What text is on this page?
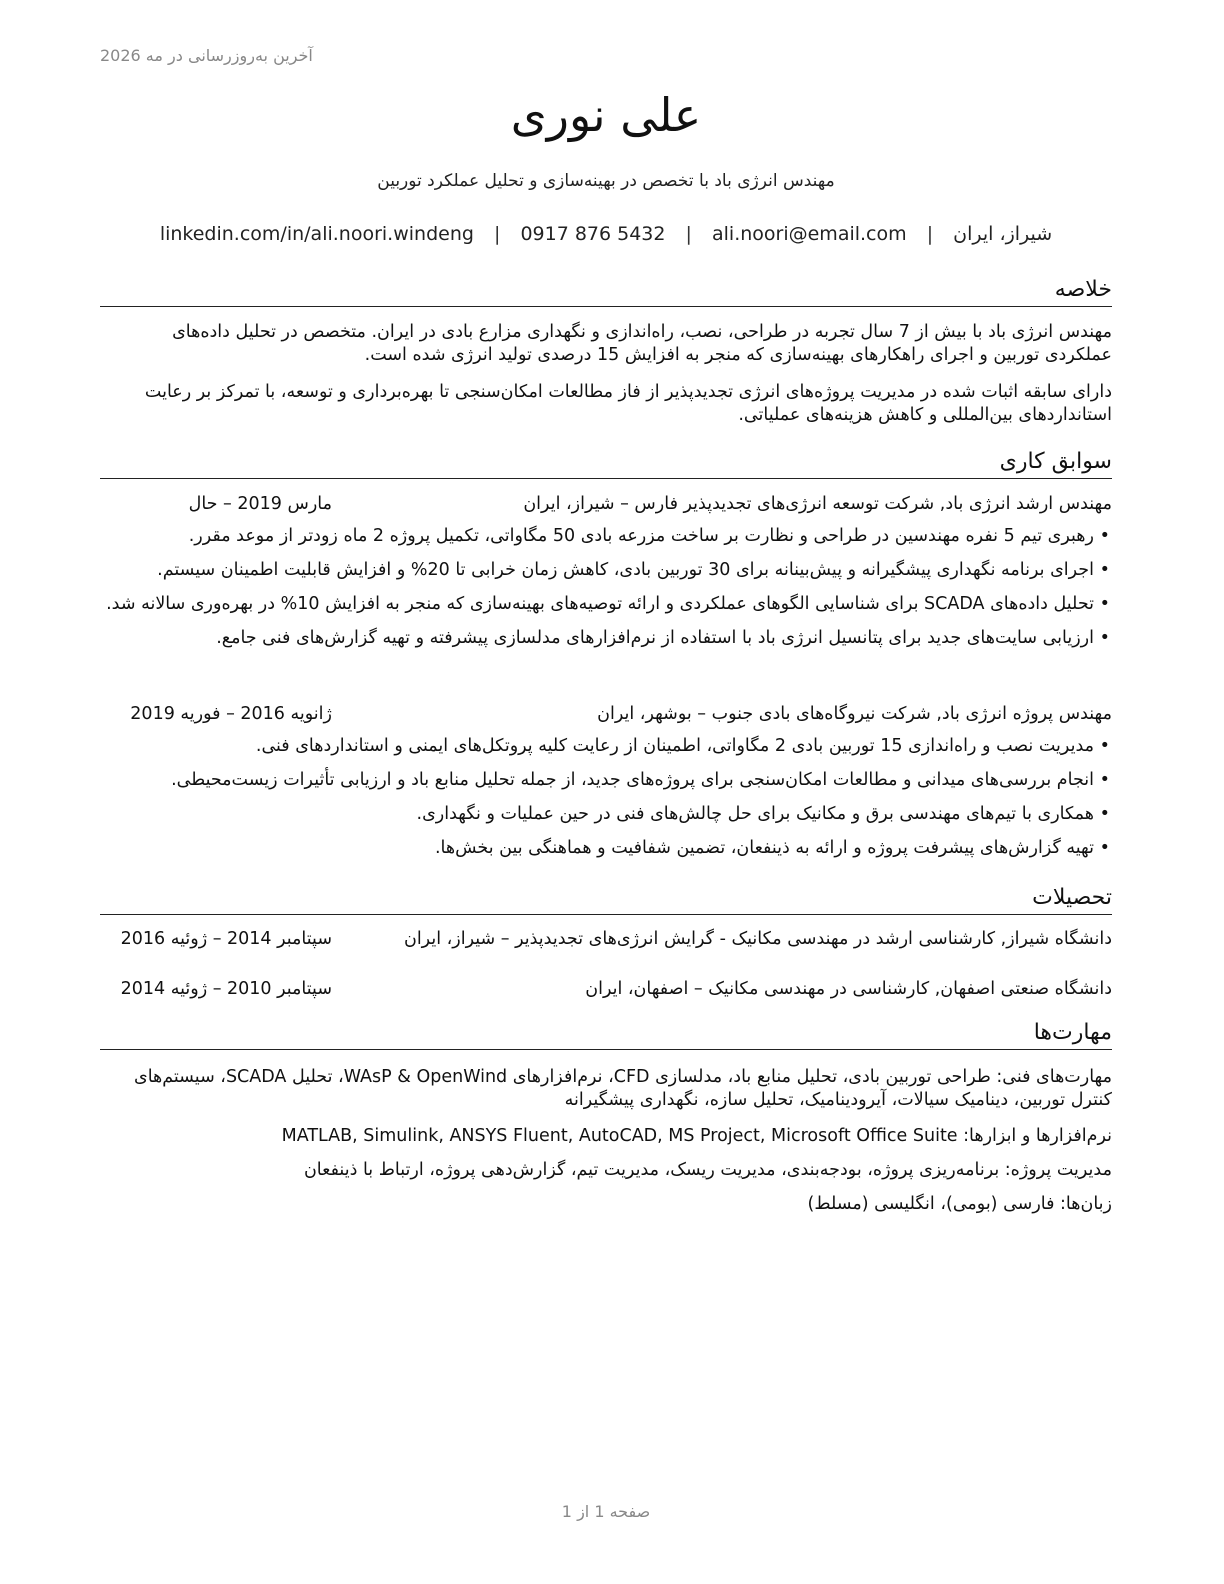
آخرین به‌روزرسانی در مه 2026
علی نوری
مهندس انرژی باد با تخصص در بهینه‌سازی و تحلیل عملکرد توربین
شیراز، ایران | ali.noori@email.com | 0917 876 5432 | linkedin.com/in/ali.noori.windeng
خلاصه
مهندس انرژی باد با بیش از 7 سال تجربه در طراحی، نصب، راه‌اندازی و نگهداری مزارع بادی در ایران. متخصص در تحلیل داده‌های عملکردی توربین و اجرای راهکارهای بهینه‌سازی که منجر به افزایش 15 درصدی تولید انرژی شده است.
دارای سابقه اثبات شده در مدیریت پروژه‌های انرژی تجدیدپذیر از فاز مطالعات امکان‌سنجی تا بهره‌برداری و توسعه، با تمرکز بر رعایت استانداردهای بین‌المللی و کاهش هزینه‌های عملیاتی.
سوابق کاری
مهندس ارشد انرژی باد, شرکت توسعه انرژی‌های تجدیدپذیر فارس – شیراز، ایران
مارس 2019 – حال
• رهبری تیم 5 نفره مهندسین در طراحی و نظارت بر ساخت مزرعه بادی 50 مگاواتی، تکمیل پروژه 2 ماه زودتر از موعد مقرر.
• اجرای برنامه نگهداری پیشگیرانه و پیش‌بینانه برای 30 توربین بادی، کاهش زمان خرابی تا 20% و افزایش قابلیت اطمینان سیستم.
• تحلیل داده‌های SCADA برای شناسایی الگوهای عملکردی و ارائه توصیه‌های بهینه‌سازی که منجر به افزایش 10% در بهره‌وری سالانه شد.
• ارزیابی سایت‌های جدید برای پتانسیل انرژی باد با استفاده از نرم‌افزارهای مدلسازی پیشرفته و تهیه گزارش‌های فنی جامع.
مهندس پروژه انرژی باد, شرکت نیروگاه‌های بادی جنوب – بوشهر، ایران
ژانویه 2016 – فوریه 2019
• مدیریت نصب و راه‌اندازی 15 توربین بادی 2 مگاواتی، اطمینان از رعایت کلیه پروتکل‌های ایمنی و استانداردهای فنی.
• انجام بررسی‌های میدانی و مطالعات امکان‌سنجی برای پروژه‌های جدید، از جمله تحلیل منابع باد و ارزیابی تأثیرات زیست‌محیطی.
• همکاری با تیم‌های مهندسی برق و مکانیک برای حل چالش‌های فنی در حین عملیات و نگهداری.
• تهیه گزارش‌های پیشرفت پروژه و ارائه به ذینفعان، تضمین شفافیت و هماهنگی بین بخش‌ها.
تحصیلات
دانشگاه شیراز, کارشناسی ارشد در مهندسی مکانیک - گرایش انرژی‌های تجدیدپذیر – شیراز، ایران
سپتامبر 2014 – ژوئیه 2016
دانشگاه صنعتی اصفهان, کارشناسی در مهندسی مکانیک – اصفهان، ایران
سپتامبر 2010 – ژوئیه 2014
مهارت‌ها
مهارت‌های فنی: طراحی توربین بادی، تحلیل منابع باد، مدلسازی CFD، نرم‌افزارهای WAsP & OpenWind، تحلیل SCADA، سیستم‌های کنترل توربین، دینامیک سیالات، آیرودینامیک، تحلیل سازه، نگهداری پیشگیرانه
نرم‌افزارها و ابزارها: MATLAB, Simulink, ANSYS Fluent, AutoCAD, MS Project, Microsoft Office Suite
مدیریت پروژه: برنامه‌ریزی پروژه، بودجه‌بندی، مدیریت ریسک، مدیریت تیم، گزارش‌دهی پروژه، ارتباط با ذینفعان
زبان‌ها: فارسی (بومی)، انگلیسی (مسلط)
صفحه 1 از 1
